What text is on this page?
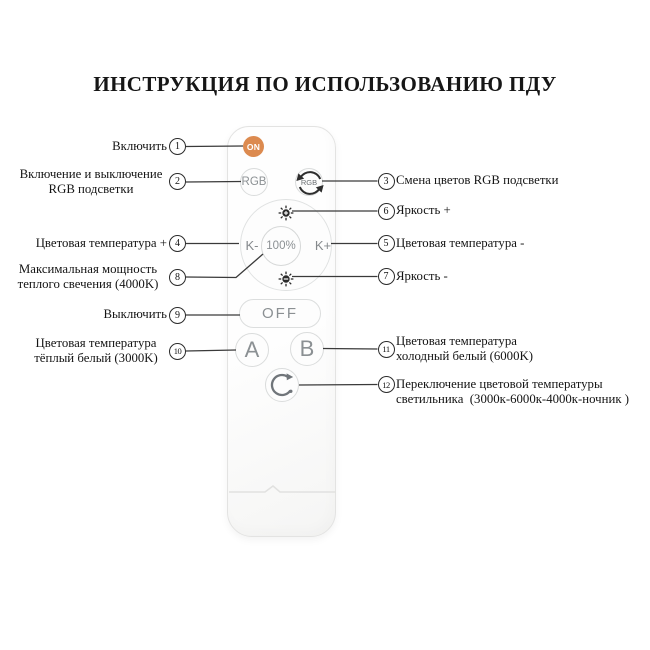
ИНСТРУКЦИЯ ПО ИСПОЛЬЗОВАНИЮ ПДУ
ON
RGB	RGB
K-	K+
100%
OFF
A	B
1
2	3
4	5
6
7
8
9
10	11
12
Включить
Включение и выключение RGB подсветки
Цветовая температура +
Максимальная мощность теплого свечения (4000K)
Выключить
Цветовая температура тёплый белый (3000K)
Смена цветов RGB подсветки
Яркость +
Цветовая температура -
Яркость -
Цветовая температура холодный белый (6000K)
Переключение цветовой температуры светильника  (3000к-6000к-4000к-ночник )
